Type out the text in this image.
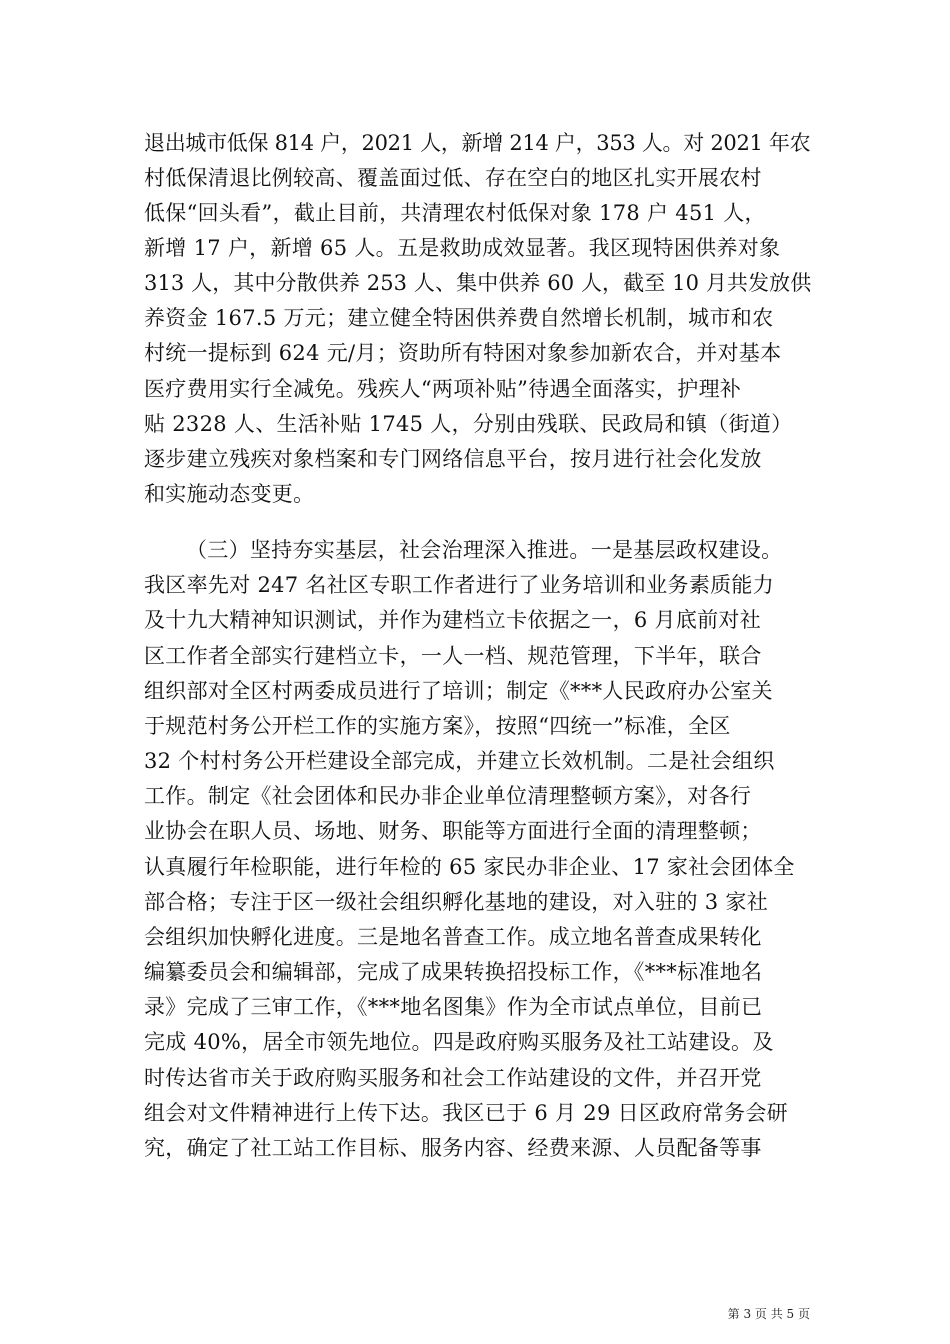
退出城市低保 814 户，2021 人，新增 214 户，353 人。对 2021 年农
村低保清退比例较高、覆盖面过低、存在空白的地区扎实开展农村
低保“回头看”，截止目前，共清理农村低保对象 178 户 451 人，
新增 17 户，新增 65 人。五是救助成效显著。我区现特困供养对象
313 人，其中分散供养 253 人、集中供养 60 人，截至 10 月共发放供
养资金 167.5 万元；建立健全特困供养费自然增长机制，城市和农
村统一提标到 624 元/月；资助所有特困对象参加新农合，并对基本
医疗费用实行全减免。残疾人“两项补贴”待遇全面落实，护理补
贴 2328 人、生活补贴 1745 人，分别由残联、民政局和镇（街道）
逐步建立残疾对象档案和专门网络信息平台，按月进行社会化发放
和实施动态变更。
（三）坚持夯实基层，社会治理深入推进。一是基层政权建设。
我区率先对 247 名社区专职工作者进行了业务培训和业务素质能力
及十九大精神知识测试，并作为建档立卡依据之一，6 月底前对社
区工作者全部实行建档立卡，一人一档、规范管理，下半年，联合
组织部对全区村两委成员进行了培训；制定《***人民政府办公室关
于规范村务公开栏工作的实施方案》，按照“四统一”标准，全区
32 个村村务公开栏建设全部完成，并建立长效机制。二是社会组织
工作。制定《社会团体和民办非企业单位清理整顿方案》，对各行
业协会在职人员、场地、财务、职能等方面进行全面的清理整顿；
认真履行年检职能，进行年检的 65 家民办非企业、17 家社会团体全
部合格；专注于区一级社会组织孵化基地的建设，对入驻的 3 家社
会组织加快孵化进度。三是地名普查工作。成立地名普查成果转化
编纂委员会和编辑部，完成了成果转换招投标工作，《***标准地名
录》完成了三审工作，《***地名图集》作为全市试点单位，目前已
完成 40%，居全市领先地位。四是政府购买服务及社工站建设。及
时传达省市关于政府购买服务和社会工作站建设的文件，并召开党
组会对文件精神进行上传下达。我区已于 6 月 29 日区政府常务会研
究，确定了社工站工作目标、服务内容、经费来源、人员配备等事
第 3 页 共 5 页
